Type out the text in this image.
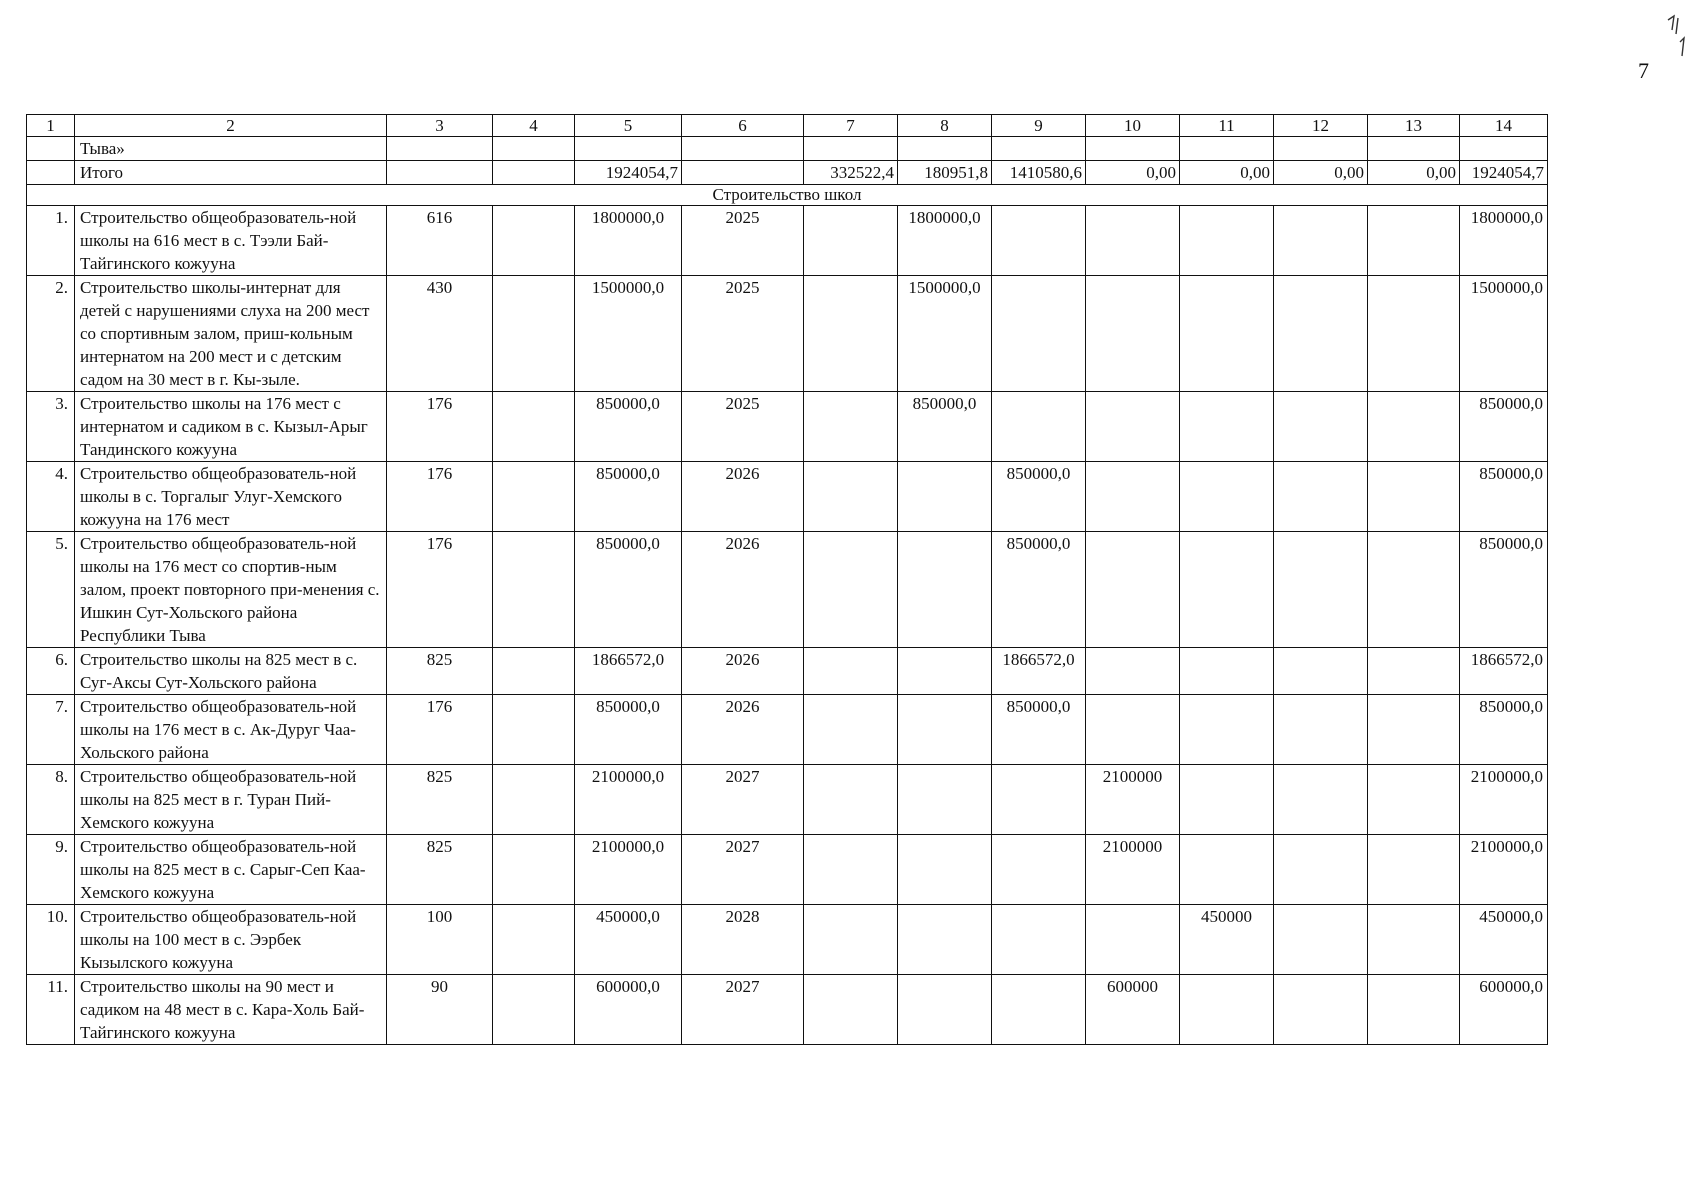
7
1	2	3	4	5	6	7	8	9	10	11	12	13	14
	Тыва»												
	Итого			1924054,7		332522,4	180951,8	1410580,6	0,00	0,00	0,00	0,00	1924054,7
Строительство школ													
1.	Строительство общеобразователь-ной школы на 616 мест в с. Тээли Бай-Тайгинского кожууна	616		1800000,0	2025		1800000,0						1800000,0
2.	Строительство школы-интернат для детей с нарушениями слуха на 200 мест со спортивным залом, приш-кольным интернатом на 200 мест и с детским садом на 30 мест в г. Кы-зыле.	430		1500000,0	2025		1500000,0						1500000,0
3.	Строительство школы на 176 мест с интернатом и садиком в с. Кызыл-Арыг Тандинского кожууна	176		850000,0	2025		850000,0						850000,0
4.	Строительство общеобразователь-ной школы в с. Торгалыг Улуг-Хемского кожууна на 176 мест	176		850000,0	2026			850000,0					850000,0
5.	Строительство общеобразователь-ной школы на 176 мест со спортив-ным залом, проект повторного при-менения с. Ишкин Сут-Хольского района Республики Тыва	176		850000,0	2026			850000,0					850000,0
6.	Строительство школы на 825 мест в с. Суг-Аксы Сут-Хольского района	825		1866572,0	2026			1866572,0					1866572,0
7.	Строительство общеобразователь-ной школы на 176 мест в с. Ак-Дуруг Чаа-Хольского района	176		850000,0	2026			850000,0					850000,0
8.	Строительство общеобразователь-ной школы на 825 мест в г. Туран Пий-Хемского кожууна	825		2100000,0	2027				2100000				2100000,0
9.	Строительство общеобразователь-ной школы на 825 мест в с. Сарыг-Сеп Каа-Хемского кожууна	825		2100000,0	2027				2100000				2100000,0
10.	Строительство общеобразователь-ной школы на 100 мест в с. Ээрбек Кызылского кожууна	100		450000,0	2028					450000			450000,0
11.	Строительство школы на 90 мест и садиком на 48 мест в с. Кара-Холь Бай-Тайгинского кожууна	90		600000,0	2027				600000				600000,0
